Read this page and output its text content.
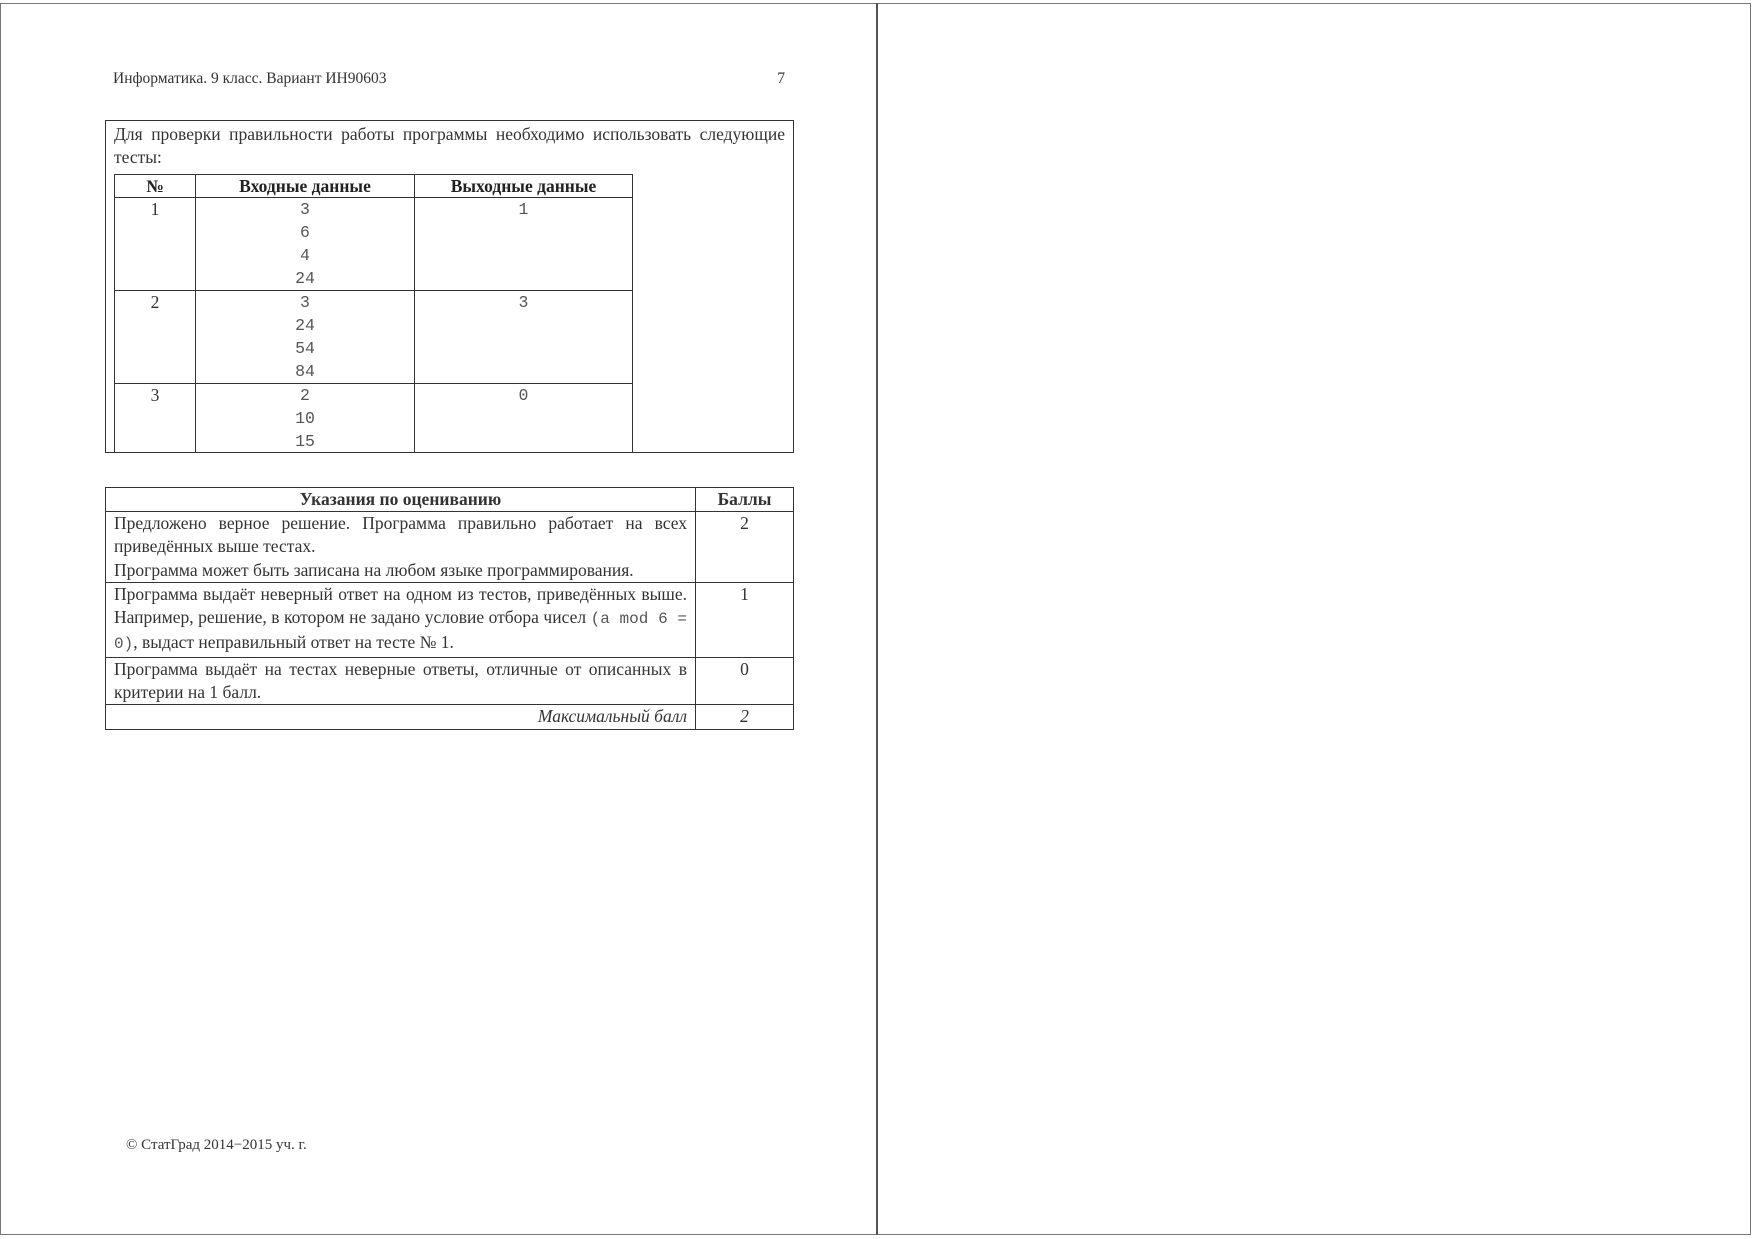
Информатика. 9 класс. Вариант ИН90603	7

Для проверки правильности работы программы необходимо использовать следующие тесты:

№	Входные данные	Выходные данные
1	3
6
4
24	1

2	3
24
54
84	3

3	2
10
15	0
Указания по оцениванию	Баллы

Предложено верное решение. Программа правильно работает на всех приведённых выше тестах.
Программа может быть записана на любом языке программирования.	2

Программа выдаёт неверный ответ на одном из тестов, приведённых выше. Например, решение, в котором не задано условие отбора чисел (a mod 6 = 0), выдаст неправильный ответ на тесте № 1.	1

Программа выдаёт на тестах неверные ответы, отличные от описанных в критерии на 1 балл.	0
Максимальный балл	2
© СтатГрад 2014−2015 уч. г.
